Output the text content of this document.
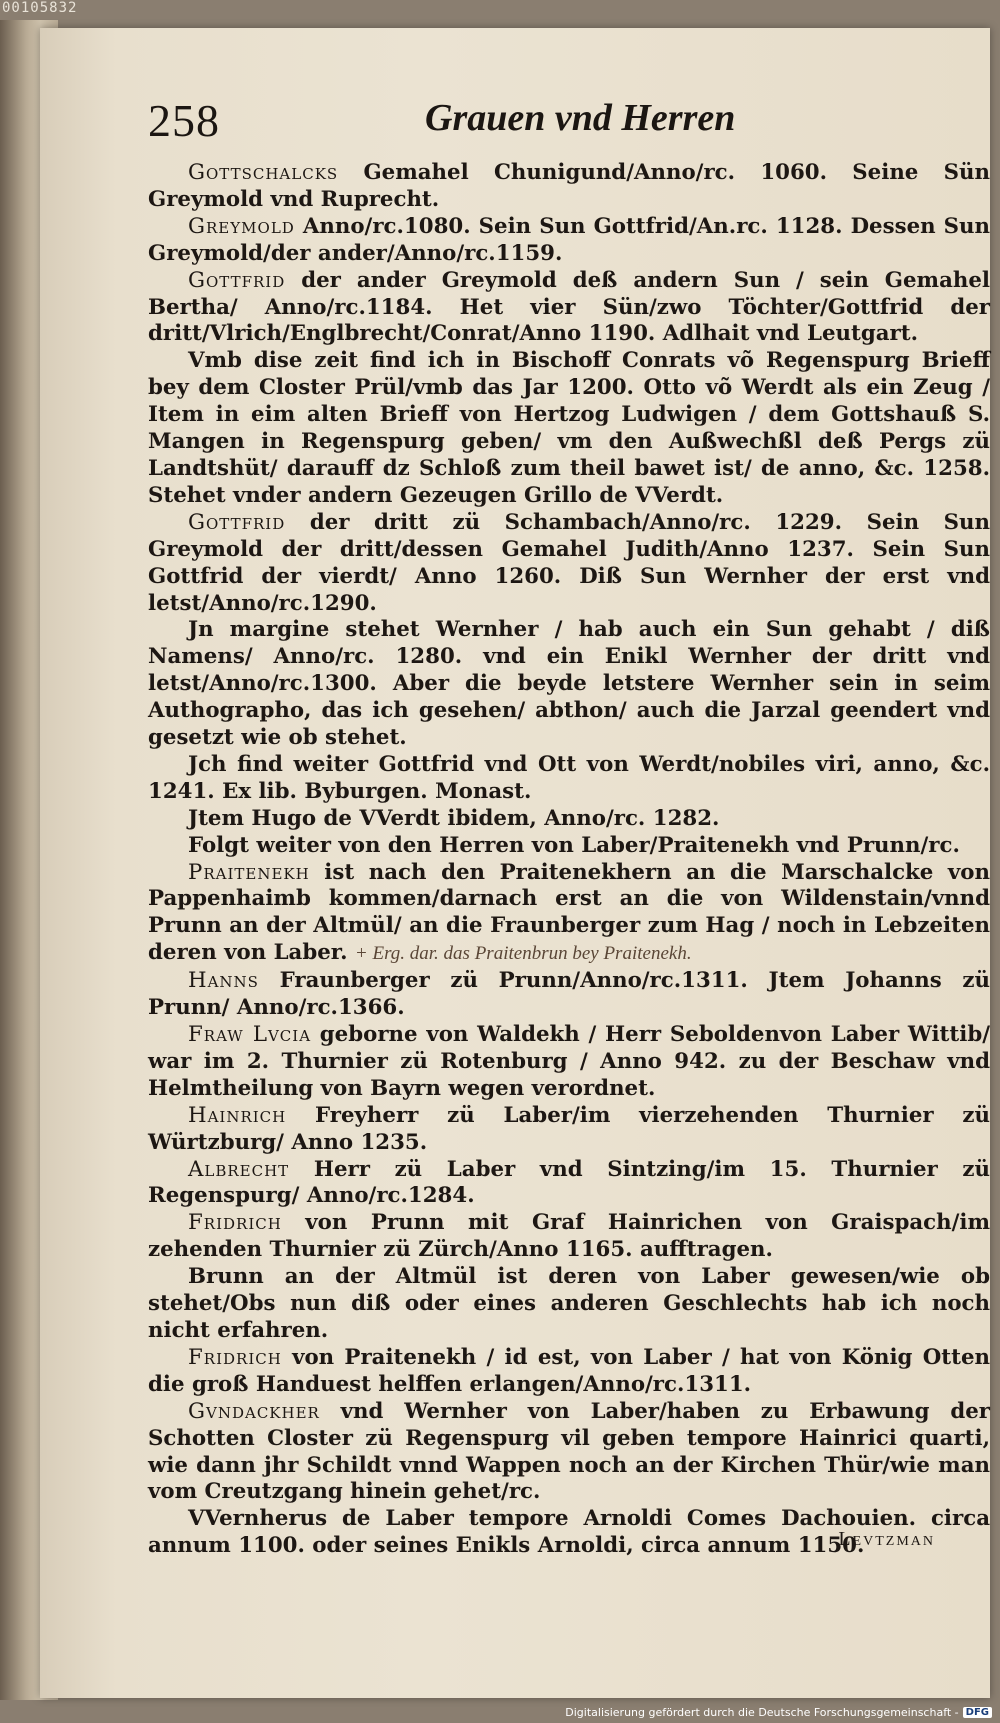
00105832
258	Grauen vnd Herren

Gottschalcks Gemahel Chunigund/Anno/rc. 1060. Seine Sün Greymold vnd Ruprecht.

Greymold Anno/rc.1080. Sein Sun Gottfrid/An.rc. 1128. Dessen Sun Greymold/der ander/Anno/rc.1159.

Gottfrid der ander Greymold deß andern Sun / sein Gemahel Bertha/ Anno/rc.1184. Het vier Sün/zwo Töchter/Gottfrid der dritt/Vlrich/Englbrecht/Conrat/Anno 1190. Adlhait vnd Leutgart.

Vmb dise zeit find ich in Bischoff Conrats võ Regenspurg Brieff bey dem Closter Prül/vmb das Jar 1200. Otto võ Werdt als ein Zeug / Item in eim alten Brieff von Hertzog Ludwigen / dem Gottshauß S. Mangen in Regenspurg geben/ vm den Außwechßl deß Pergs zü Landtshüt/ darauff dz Schloß zum theil bawet ist/ de anno, &c. 1258. Stehet vnder andern Gezeugen Grillo de VVerdt.

Gottfrid der dritt zü Schambach/Anno/rc. 1229. Sein Sun Greymold der dritt/dessen Gemahel Judith/Anno 1237. Sein Sun Gottfrid der vierdt/ Anno 1260. Diß Sun Wernher der erst vnd letst/Anno/rc.1290.

Jn margine stehet Wernher / hab auch ein Sun gehabt / diß Namens/ Anno/rc. 1280. vnd ein Enikl Wernher der dritt vnd letst/Anno/rc.1300. Aber die beyde letstere Wernher sein in seim Authographo, das ich gesehen/ abthon/ auch die Jarzal geendert vnd gesetzt wie ob stehet.

Jch find weiter Gottfrid vnd Ott von Werdt/nobiles viri, anno, &c. 1241. Ex lib. Byburgen. Monast.

Jtem Hugo de VVerdt ibidem, Anno/rc. 1282.

Folgt weiter von den Herren von Laber/Praitenekh vnd Prunn/rc.

Praitenekh ist nach den Praitenekhern an die Marschalcke von Pappenhaimb kommen/darnach erst an die von Wildenstain/vnnd Prunn an der Altmül/ an die Fraunberger zum Hag / noch in Lebzeiten deren von Laber. + Erg. dar. das Praitenbrun bey Praitenekh.

Hanns Fraunberger zü Prunn/Anno/rc.1311. Jtem Johanns zü Prunn/ Anno/rc.1366.

Fraw Lvcia geborne von Waldekh / Herr Seboldenvon Laber Wittib/ war im 2. Thurnier zü Rotenburg / Anno 942. zu der Beschaw vnd Helmtheilung von Bayrn wegen verordnet.

Hainrich Freyherr zü Laber/im vierzehenden Thurnier zü Würtzburg/ Anno 1235.

Albrecht Herr zü Laber vnd Sintzing/im 15. Thurnier zü Regenspurg/ Anno/rc.1284.

Fridrich von Prunn mit Graf Hainrichen von Graispach/im zehenden Thurnier zü Zürch/Anno 1165. aufftragen.

Brunn an der Altmül ist deren von Laber gewesen/wie ob stehet/Obs nun diß oder eines anderen Geschlechts hab ich noch nicht erfahren.

Fridrich von Praitenekh / id est, von Laber / hat von König Otten die groß Handuest helffen erlangen/Anno/rc.1311.

Gvndackher vnd Wernher von Laber/haben zu Erbawung der Schotten Closter zü Regenspurg vil geben tempore Hainrici quarti, wie dann jhr Schildt vnnd Wappen noch an der Kirchen Thür/wie man vom Creutzgang hinein gehet/rc.

VVernherus de Laber tempore Arnoldi Comes Dachouien. circa annum 1100. oder seines Enikls Arnoldi, circa annum 1150.

Levtzman
Digitalisierung gefördert durch die Deutsche Forschungsgemeinschaft - DFG
